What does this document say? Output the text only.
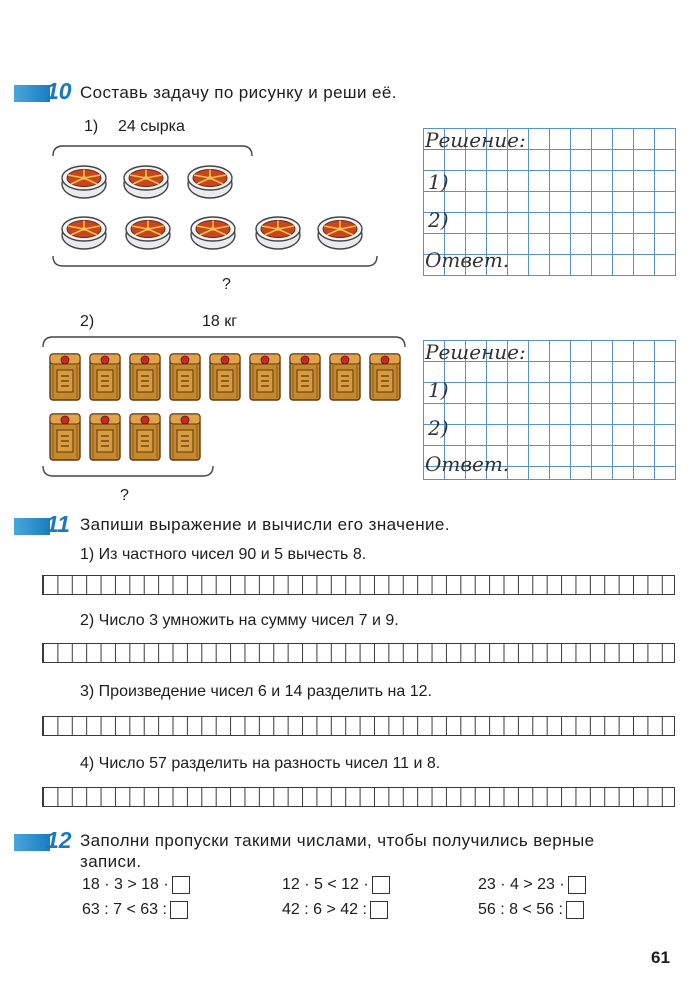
10 Составь задачу по рисунку и реши её.
1) 24 сырка
?
Решение:
1)
2)
Ответ.
2)	18 кг
?
Решение:
1)
2)
Ответ.
11 Запиши выражение и вычисли его значение.
1) Из частного чисел 90 и 5 вычесть 8.
2) Число 3 умножить на сумму чисел 7 и 9.
3) Произведение чисел 6 и 14 разделить на 12.
4) Число 57 разделить на разность чисел 11 и 8.
12 Заполни пропуски такими числами, чтобы получились верные
записи.
18 · 3 > 18 ·	12 · 5 < 12 ·	23 · 4 > 23 ·
63 : 7 < 63 :	42 : 6 > 42 :	56 : 8 < 56 :
61
